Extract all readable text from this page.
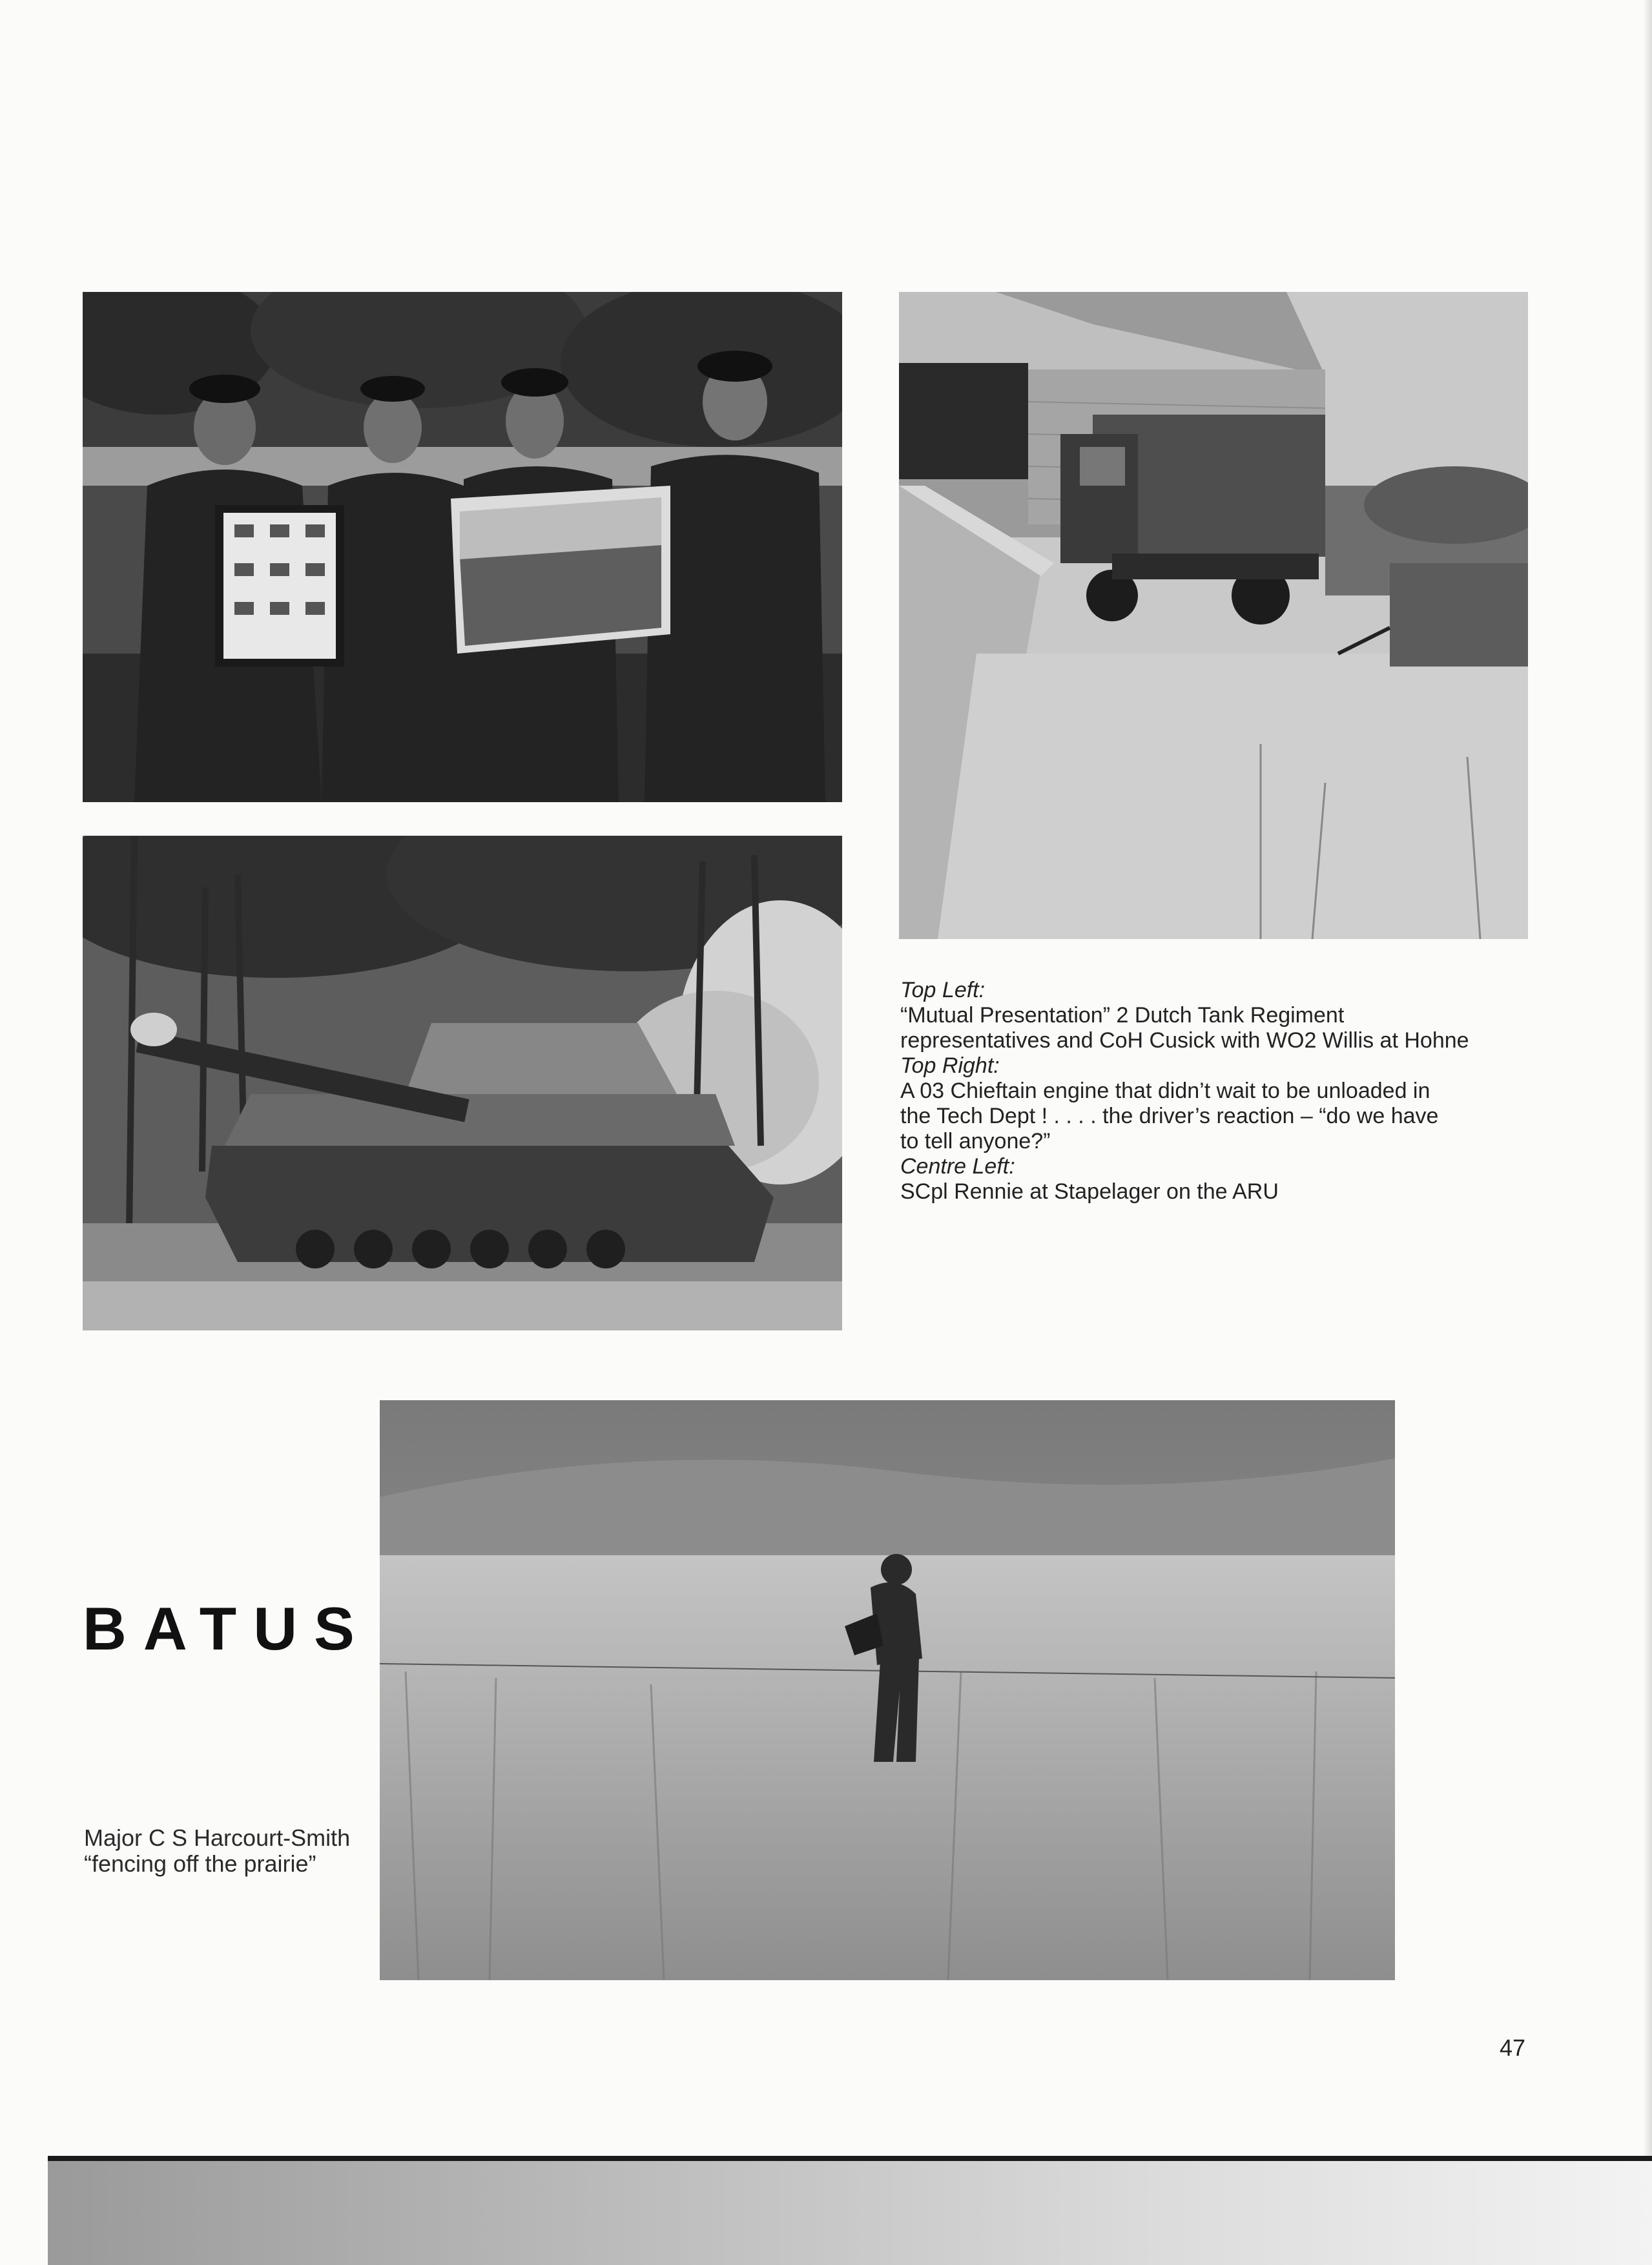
Top Left:

“Mutual Presentation” 2 Dutch Tank Regiment

representatives and CoH Cusick with WO2 Willis at Hohne

Top Right:

A 03 Chieftain engine that didn’t wait to be unloaded in

the Tech Dept ! . . . . the driver’s reaction – “do we have

to tell anyone?”

Centre Left:

SCpl Rennie at Stapelager on the ARU

BATUS
Major C S Harcourt-Smith
“fencing off the prairie”
47
